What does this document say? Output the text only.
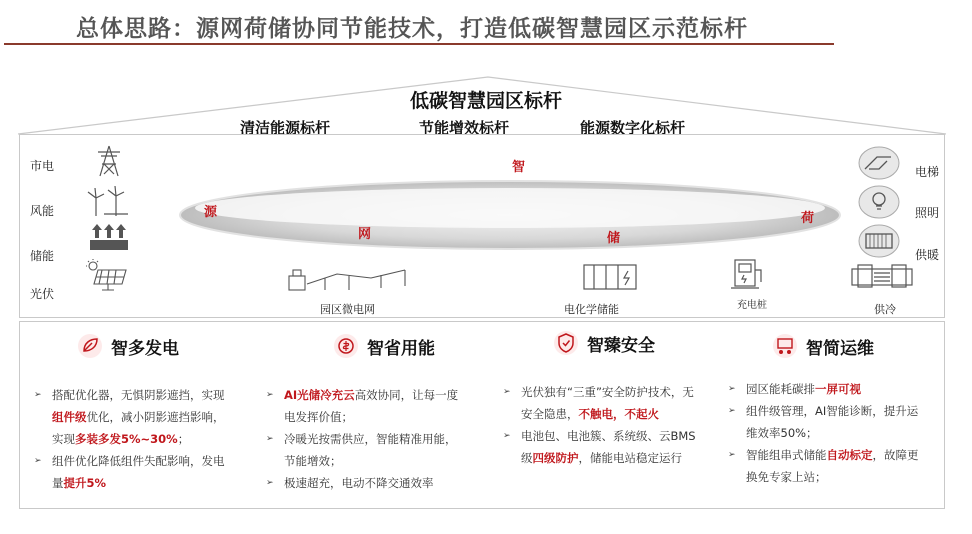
总体思路：源网荷储协同节能技术，打造低碳智慧园区示范标杆
低碳智慧园区标杆
清洁能源标杆	节能增效标杆	能源数字化标杆
智
源
网	储
荷
市电
风能
储能
光伏
电梯
照明
供暖
园区微电网	电化学储能	充电桩	供冷
智多发电
➢ 搭配优化器，无惧阴影遮挡，实现组件级优化，减小阴影遮挡影响，实现多装多发5%~30%；
➢ 组件优化降低组件失配影响，发电量提升5%
智省用能
➢ AI光储冷充云高效协同，让每一度电发挥价值；
➢ 冷暖光按需供应，智能精准用能，节能增效；
➢ 极速超充，电动不降交通效率
智臻安全
➢ 光伏独有“三重”安全防护技术，无安全隐患，不触电，不起火
➢ 电池包、电池簇、系统级、云BMS 级四级防护，储能电站稳定运行
智简运维
➢ 园区能耗碳排一屏可视
➢ 组件级管理，AI智能诊断，提升运维效率50%；
➢ 智能组串式储能自动标定，故障更换免专家上站；
